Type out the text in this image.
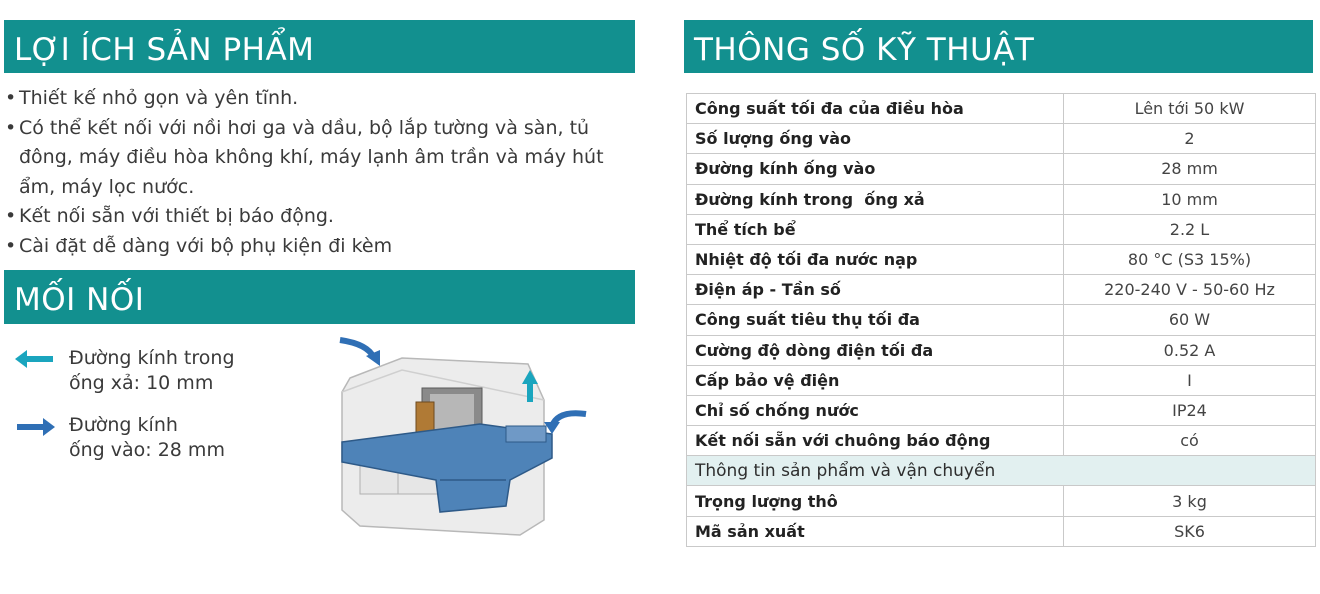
LỢI ÍCH SẢN PHẨM
• Thiết kế nhỏ gọn và yên tĩnh.
• Có thể kết nối với nồi hơi ga và dầu, bộ lắp tường và sàn, tủ đông, máy điều hòa không khí, máy lạnh âm trần và máy hút ẩm, máy lọc nước.
• Kết nối sẵn với thiết bị báo động.
• Cài đặt dễ dàng với bộ phụ kiện đi kèm
MỐI NỐI
Đường kính trong
ống xả: 10 mm
Đường kính
ống vào: 28 mm
THÔNG SỐ KỸ THUẬT
Công suất tối đa của điều hòa	Lên tới 50 kW
Số lượng ống vào	2
Đường kính ống vào	28 mm
Đường kính trong  ống xả	10 mm
Thể tích bể	2.2 L
Nhiệt độ tối đa nước nạp	80 °C (S3 15%)
Điện áp - Tần số	220-240 V - 50-60 Hz
Công suất tiêu thụ tối đa	60 W
Cường độ dòng điện tối đa	0.52 A
Cấp bảo vệ điện	I
Chỉ số chống nước	IP24
Kết nối sẵn với chuông báo động	có
Thông tin sản phẩm và vận chuyển	
Trọng lượng thô	3 kg
Mã sản xuất	SK6
